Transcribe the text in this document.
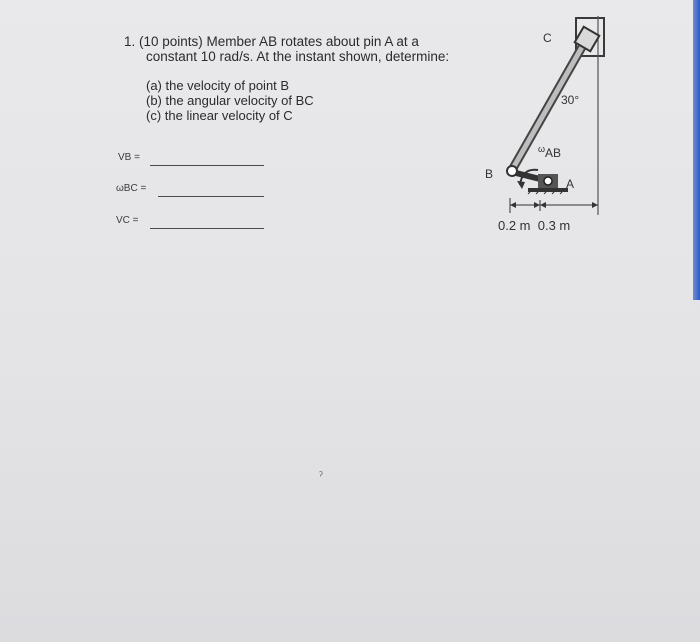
1. (10 points) Member AB rotates about pin A at a
constant 10 rad/s. At the instant shown, determine:
(a) the velocity of point B
(b) the angular velocity of BC
(c) the linear velocity of C
VB =
ωBC =
VC =
ˀ
C
B
A
ω AB
30°
0.2 m  0.3 m
